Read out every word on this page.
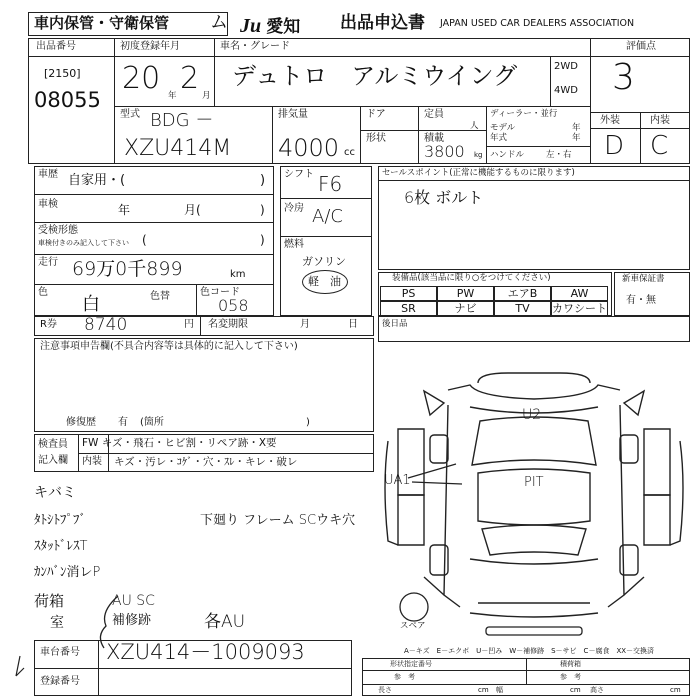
車内保管・守衛保管 ム Ju 愛知 出品申込書 JAPAN USED CAR DEALERS ASSOCIATION
出品番号
[2150]
08055
初度登録年月
20 年 2 月
車名・グレード
デュトロ　アルミウイング	2WD
4WD
評価点
3
外装	内装
D C
型式 BDG －
XZU414M
排気量
4000 cc
ドア
形状
定員
人
積載
3800 kg
ディーラー・並行
モデル	年
年式	年
ハンドル	左・右
車歴 自家用・(	)
車検	年	月(	)
受検形態
車検付きのみ記入して下さい (	)
走行 69万0千899	km
色
白	色替	色コード
058
シフト F6
冷房 A/C
燃料
ガソリン
軽　油
セールスポイント(正常に機能するものに限ります)
6枚 ボルト
装備品(該当品に限り○をつけてください)
PS	PW	エアB	AW
SR	ナビ	TV	カワシート
新車保証書
有・無
R券 8740	円 名変期限	月	日	後日品
注意事項申告欄(不具合内容等は具体的に記入して下さい)
修復歴 有 (箇所	)
検査員
記入欄
FW キズ・飛石・ヒビ割・リペア跡・X要
内装 キズ・汚レ・ｺｹﾞ・穴・ｽﾚ・キレ・破レ
キバミ
ﾀﾄｼﾄﾌﾟﾌﾞ
ｽﾀｯﾄﾞﾚｽT
ｶﾝﾊﾞﾝ消レP
荷箱
室
下廻り フレーム SCウキ穴
AU SC
補修跡	各AU
U2
UA1	PIT
スペア
A－キズ　E－エクボ　U－凹み　W－補修跡　S－サビ　C－腐食　XX－交換済
形状指定番号
参　考
積荷箱
参　考
長さ	幅	高さ
cm	cm	cm
車台番号 XZU414－1009093
登録番号
